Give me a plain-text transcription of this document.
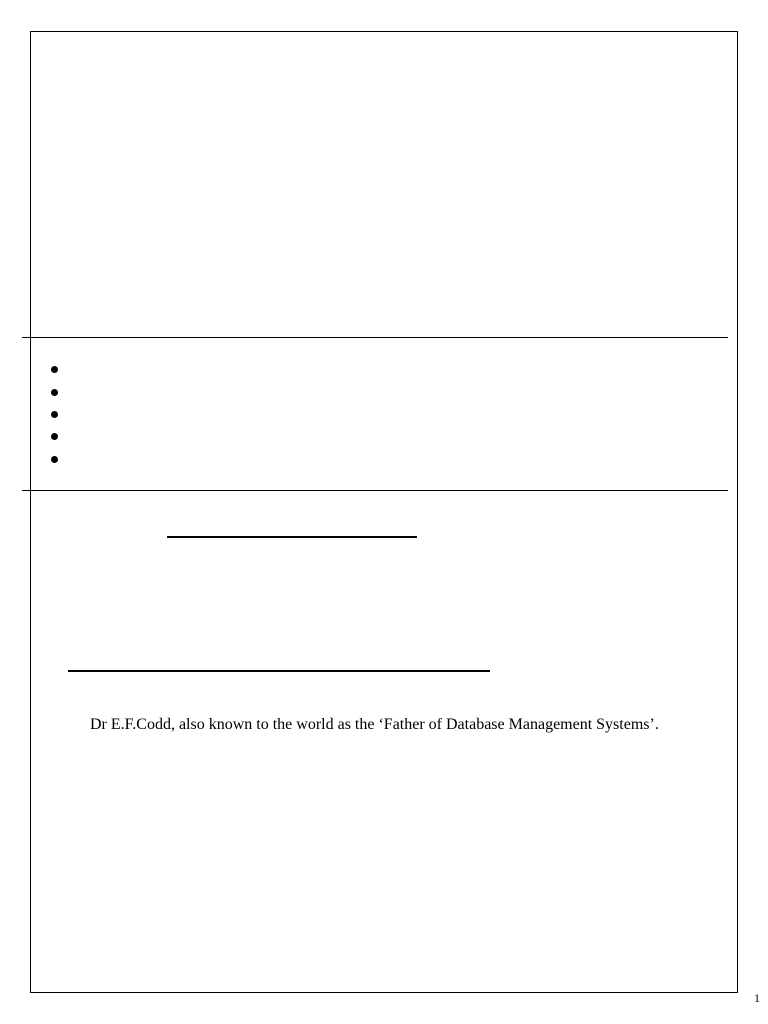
Dr E.F.Codd, also known to the world as the ‘Father of Database Management Systems’.
1
